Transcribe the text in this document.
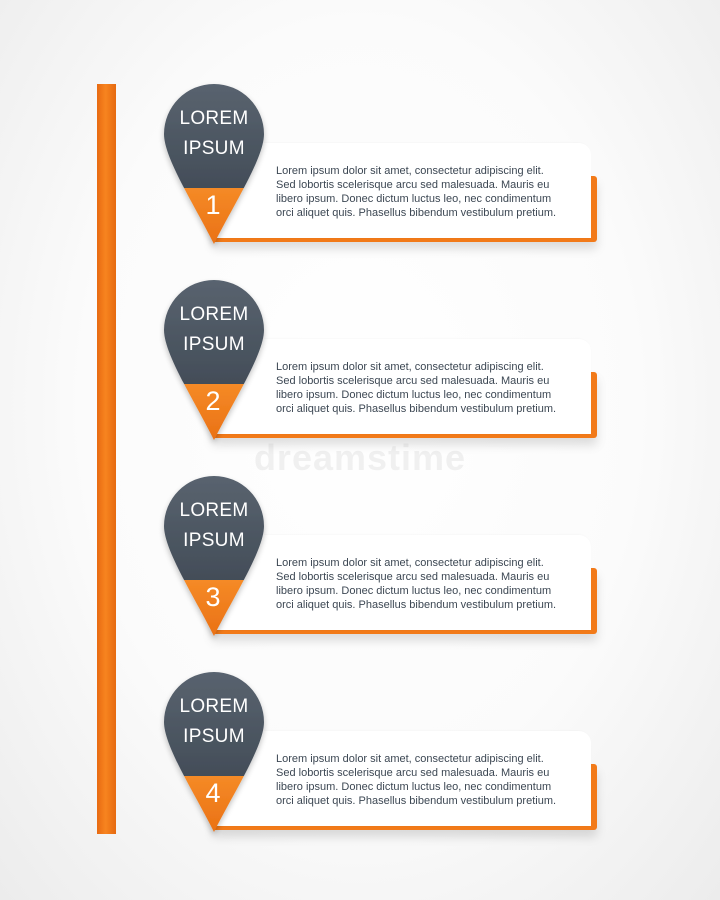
Lorem ipsum dolor sit amet, consectetur adipiscing elit.
Sed lobortis scelerisque arcu sed malesuada. Mauris eu
libero ipsum. Donec dictum luctus leo, nec condimentum
orci aliquet quis. Phasellus bibendum vestibulum pretium.

LOREM
IPSUM
1

Lorem ipsum dolor sit amet, consectetur adipiscing elit.
Sed lobortis scelerisque arcu sed malesuada. Mauris eu
libero ipsum. Donec dictum luctus leo, nec condimentum
orci aliquet quis. Phasellus bibendum vestibulum pretium.

LOREM
IPSUM
2

Lorem ipsum dolor sit amet, consectetur adipiscing elit.
Sed lobortis scelerisque arcu sed malesuada. Mauris eu
libero ipsum. Donec dictum luctus leo, nec condimentum
orci aliquet quis. Phasellus bibendum vestibulum pretium.

LOREM
IPSUM
3

Lorem ipsum dolor sit amet, consectetur adipiscing elit.
Sed lobortis scelerisque arcu sed malesuada. Mauris eu
libero ipsum. Donec dictum luctus leo, nec condimentum
orci aliquet quis. Phasellus bibendum vestibulum pretium.

LOREM
IPSUM
4
dreamstime
